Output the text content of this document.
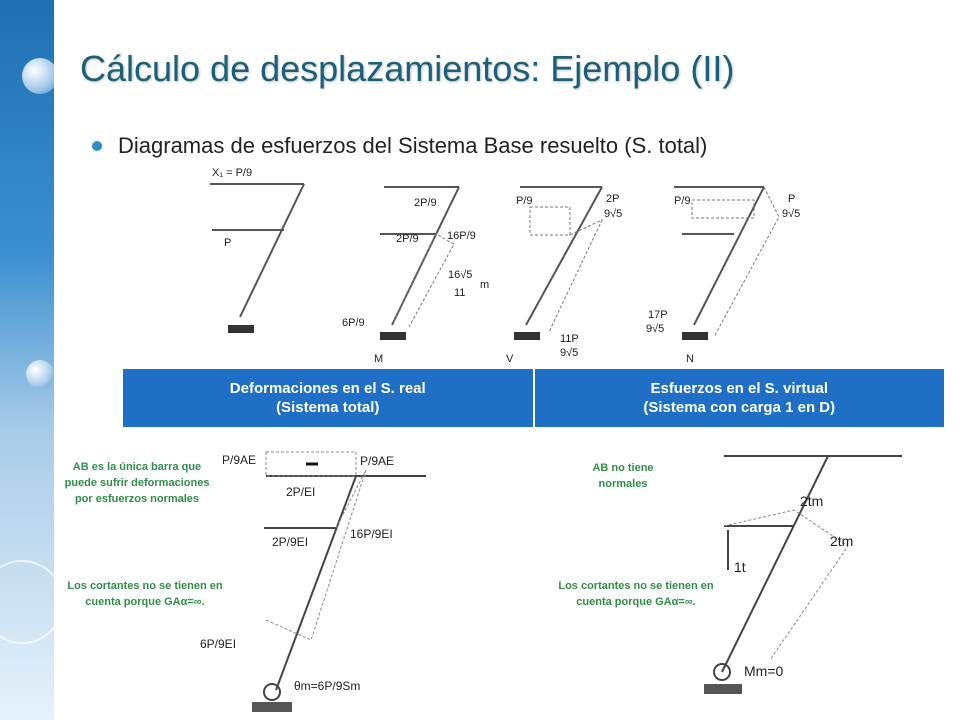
Cálculo de desplazamientos: Ejemplo (II)
Diagramas de esfuerzos del Sistema Base resuelto (S. total)
X₁ = P/9
P
2P/9
2P/9	16P/9
16√5
11
m
6P/9
P/9	2P
9√5
11P
9√5
P/9	P
9√5
17P
9√5
M	V	N
Deformaciones en el S. real
(Sistema total)
Esfuerzos en el S. virtual
(Sistema con carga 1 en D)
AB es la única barra que puede sufrir deformaciones por esfuerzos normales
Los cortantes no se tienen en cuenta porque GAα=∞.
AB no tiene normales
Los cortantes no se tienen en cuenta porque GAα=∞.
P/9AE	P/9AE
2P/EI
2P/9EI
16P/9EI
6P/9EI
θm=6P/9Sm
2tm
2tm
1t
Mm=0
